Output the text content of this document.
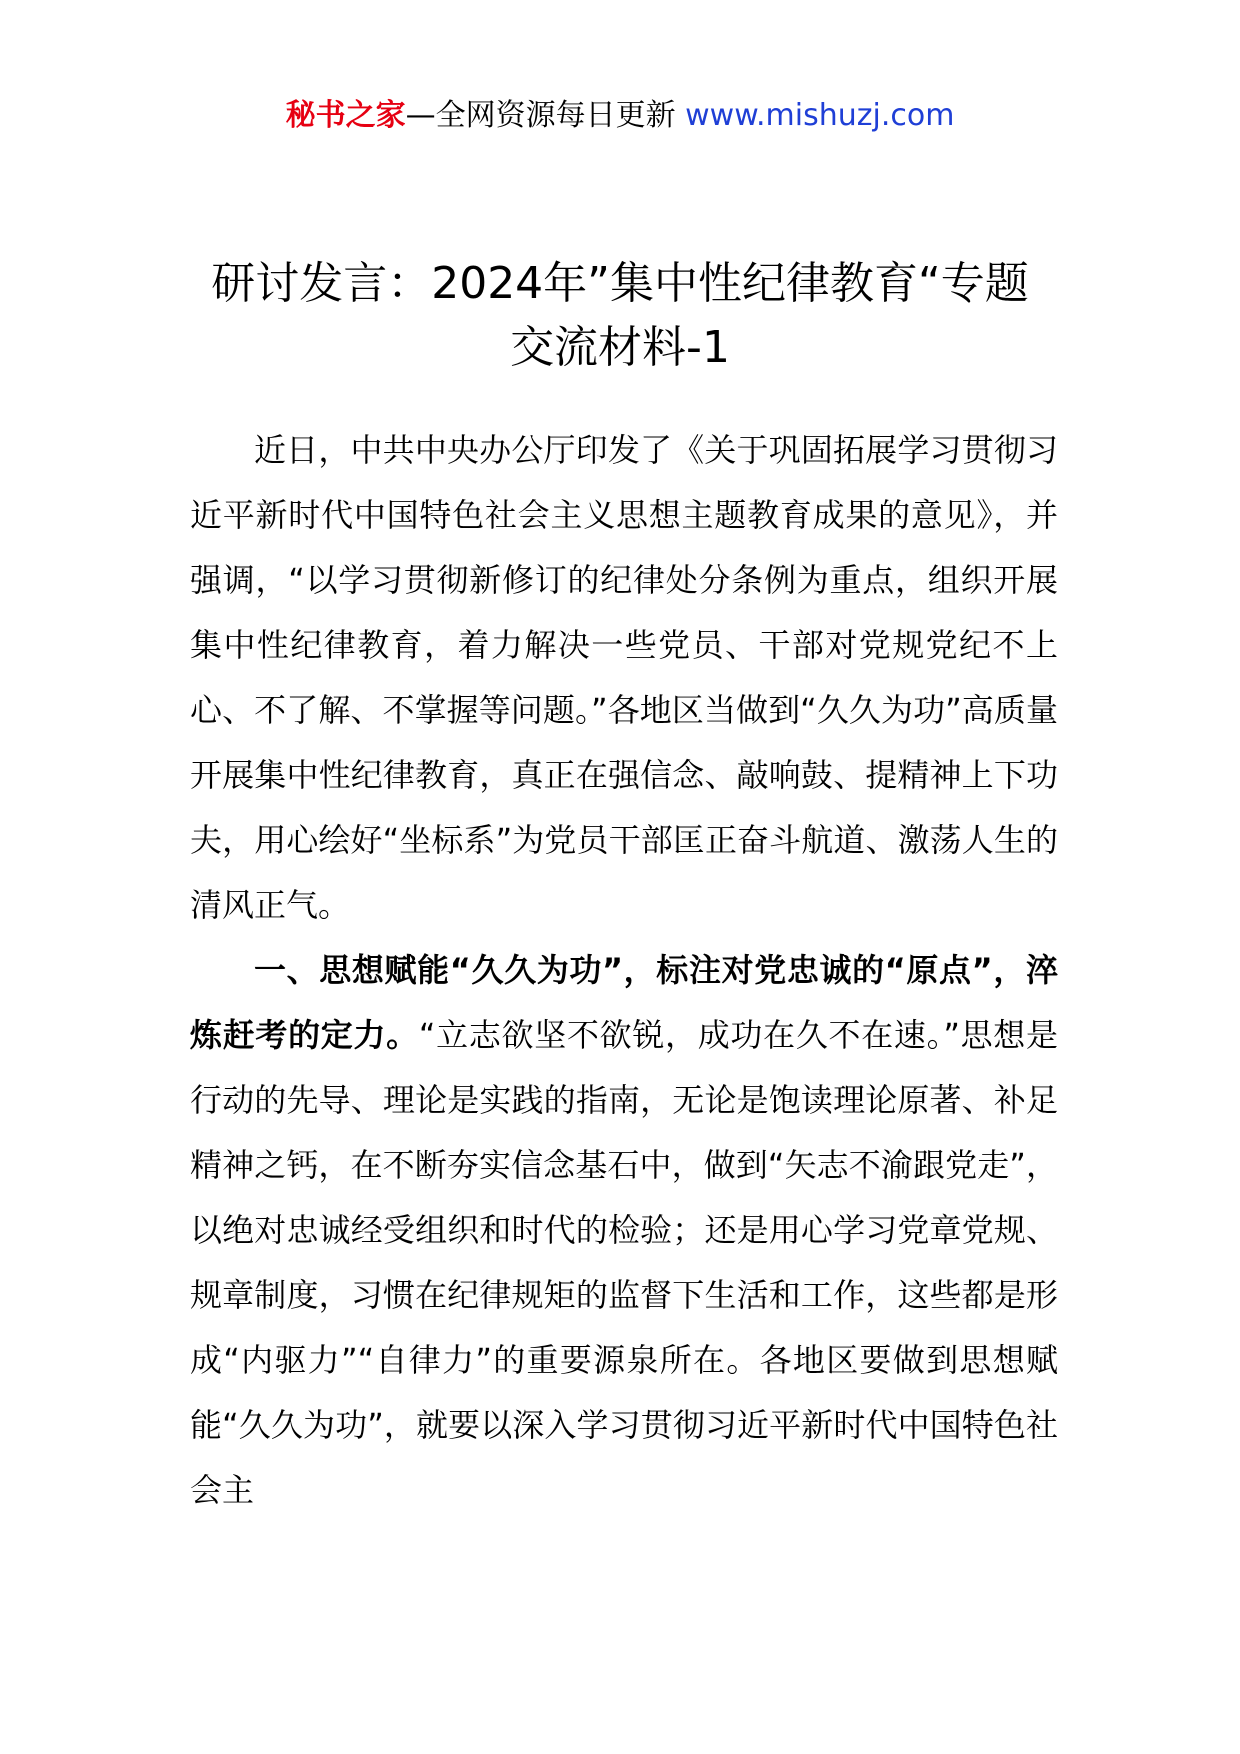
秘书之家—全网资源每日更新 www.mishuzj.com
研讨发言：2024年”集中性纪律教育“专题交流材料-1

近日，中共中央办公厅印发了《关于巩固拓展学习贯彻习近平新时代中国特色社会主义思想主题教育成果的意见》，并强调，“以学习贯彻新修订的纪律处分条例为重点，组织开展集中性纪律教育，着力解决一些党员、干部对党规党纪不上心、不了解、不掌握等问题。”各地区当做到“久久为功”高质量开展集中性纪律教育，真正在强信念、敲响鼓、提精神上下功夫，用心绘好“坐标系”为党员干部匡正奋斗航道、激荡人生的清风正气。

一、思想赋能“久久为功”，标注对党忠诚的“原点”，淬炼赶考的定力。“立志欲坚不欲锐，成功在久不在速。”思想是行动的先导、理论是实践的指南，无论是饱读理论原著、补足精神之钙，在不断夯实信念基石中，做到“矢志不渝跟党走”，以绝对忠诚经受组织和时代的检验；还是用心学习党章党规、规章制度，习惯在纪律规矩的监督下生活和工作，这些都是形成“内驱力”“自律力”的重要源泉所在。各地区要做到思想赋能“久久为功”，就要以深入学习贯彻习近平新时代中国特色社会主
